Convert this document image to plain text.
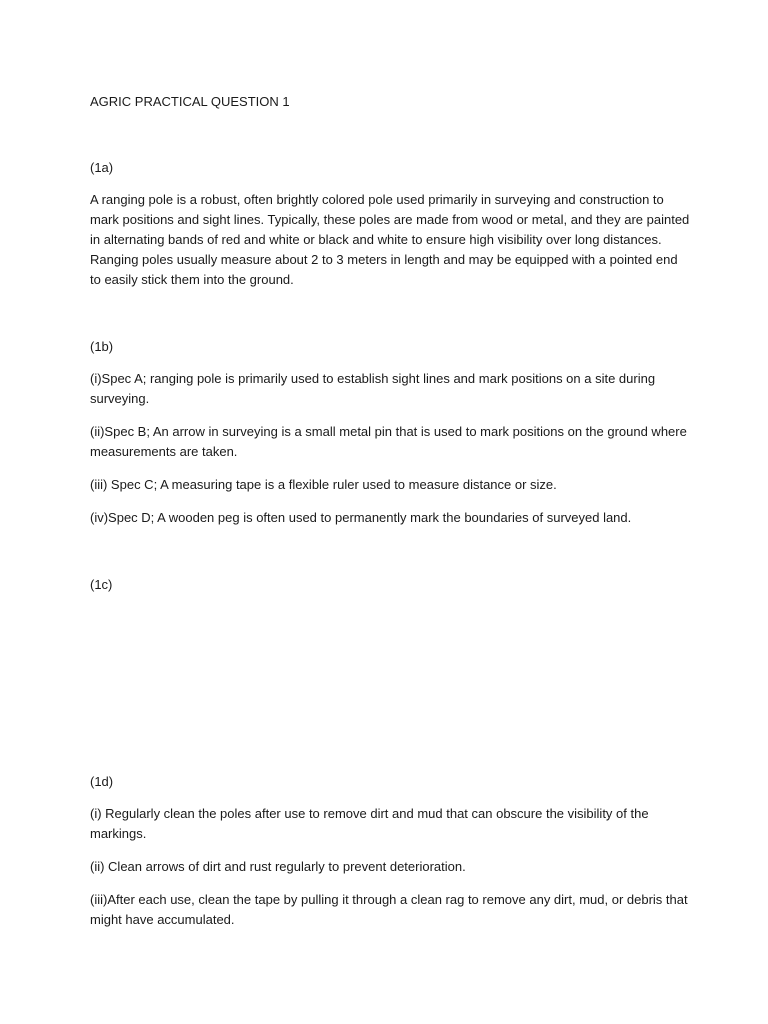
AGRIC PRACTICAL QUESTION 1

(1a)

A ranging pole is a robust, often brightly colored pole used primarily in surveying and construction to mark positions and sight lines. Typically, these poles are made from wood or metal, and they are painted in alternating bands of red and white or black and white to ensure high visibility over long distances. Ranging poles usually measure about 2 to 3 meters in length and may be equipped with a pointed end to easily stick them into the ground.

(1b)

(i)Spec A; ranging pole is primarily used to establish sight lines and mark positions on a site during surveying.

(ii)Spec B; An arrow in surveying is a small metal pin that is used to mark positions on the ground where measurements are taken.

(iii) Spec C; A measuring tape is a flexible ruler used to measure distance or size.

(iv)Spec D; A wooden peg is often used to permanently mark the boundaries of surveyed land.

(1c)

(1d)

(i) Regularly clean the poles after use to remove dirt and mud that can obscure the visibility of the markings.

(ii) Clean arrows of dirt and rust regularly to prevent deterioration.

(iii)After each use, clean the tape by pulling it through a clean rag to remove any dirt, mud, or debris that might have accumulated.
